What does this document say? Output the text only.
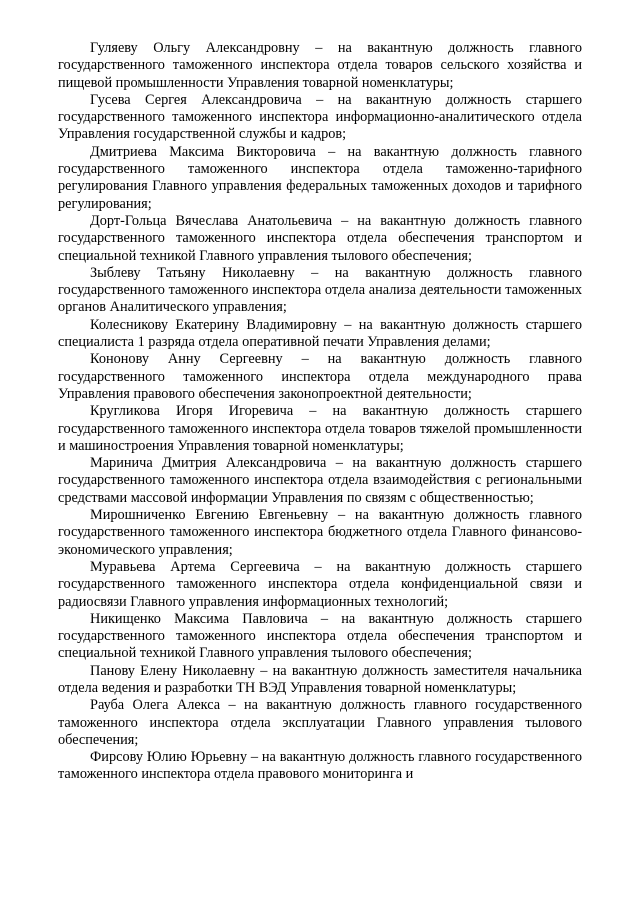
Гуляеву Ольгу Александровну – на вакантную должность главного государственного таможенного инспектора отдела товаров сельского хозяйства и пищевой промышленности Управления товарной номенклатуры;

Гусева Сергея Александровича – на вакантную должность старшего государственного таможенного инспектора информационно-аналитического отдела Управления государственной службы и кадров;

Дмитриева Максима Викторовича – на вакантную должность главного государственного таможенного инспектора отдела таможенно-тарифного регулирования Главного управления федеральных таможенных доходов и тарифного регулирования;

Дорт-Гольца Вячеслава Анатольевича – на вакантную должность главного государственного таможенного инспектора отдела обеспечения транспортом и специальной техникой Главного управления тылового обеспечения;

Зыблеву Татьяну Николаевну – на вакантную должность главного государственного таможенного инспектора отдела анализа деятельности таможенных органов Аналитического управления;

Колесникову Екатерину Владимировну – на вакантную должность старшего специалиста 1 разряда отдела оперативной печати Управления делами;

Кононову Анну Сергеевну – на вакантную должность главного государственного таможенного инспектора отдела международного права Управления правового обеспечения законопроектной деятельности;

Кругликова Игоря Игоревича – на вакантную должность старшего государственного таможенного инспектора отдела товаров тяжелой промышленности и машиностроения Управления товарной номенклатуры;

Маринича Дмитрия Александровича – на вакантную должность старшего государственного таможенного инспектора отдела взаимодействия с региональными средствами массовой информации Управления по связям с общественностью;

Мирошниченко Евгению Евгеньевну – на вакантную должность главного государственного таможенного инспектора бюджетного отдела Главного финансово-экономического управления;

Муравьева Артема Сергеевича – на вакантную должность старшего государственного таможенного инспектора отдела конфиденциальной связи и радиосвязи Главного управления информационных технологий;

Никищенко Максима Павловича – на вакантную должность старшего государственного таможенного инспектора отдела обеспечения транспортом и специальной техникой Главного управления тылового обеспечения;

Панову Елену Николаевну – на вакантную должность заместителя начальника отдела ведения и разработки ТН ВЭД Управления товарной номенклатуры;

Рауба Олега Алекса – на вакантную должность главного государственного таможенного инспектора отдела эксплуатации Главного управления тылового обеспечения;

Фирсову Юлию Юрьевну – на вакантную должность главного государственного таможенного инспектора отдела правового мониторинга и
